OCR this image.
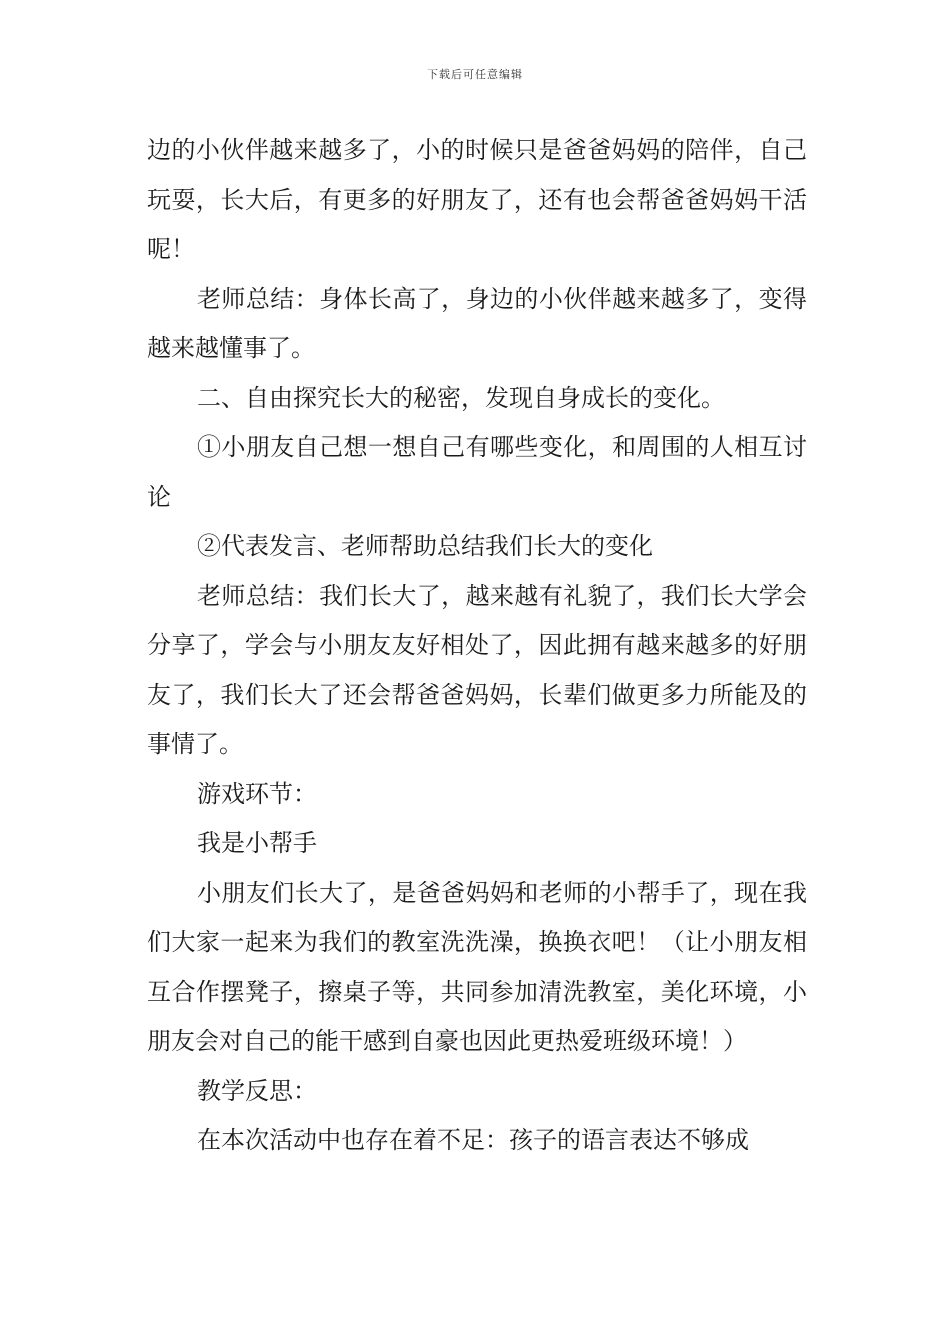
下载后可任意编辑

边的小伙伴越来越多了，小的时候只是爸爸妈妈的陪伴，自己玩耍，长大后，有更多的好朋友了，还有也会帮爸爸妈妈干活呢！

老师总结：身体长高了，身边的小伙伴越来越多了，变得越来越懂事了。

二、自由探究长大的秘密，发现自身成长的变化。

①小朋友自己想一想自己有哪些变化，和周围的人相互讨论

②代表发言、老师帮助总结我们长大的变化

老师总结：我们长大了，越来越有礼貌了，我们长大学会分享了，学会与小朋友友好相处了，因此拥有越来越多的好朋友了，我们长大了还会帮爸爸妈妈，长辈们做更多力所能及的事情了。

游戏环节：

我是小帮手

小朋友们长大了，是爸爸妈妈和老师的小帮手了，现在我们大家一起来为我们的教室洗洗澡，换换衣吧！（让小朋友相互合作摆凳子，擦桌子等，共同参加清洗教室，美化环境，小朋友会对自己的能干感到自豪也因此更热爱班级环境！）

教学反思：

在本次活动中也存在着不足：孩子的语言表达不够成
